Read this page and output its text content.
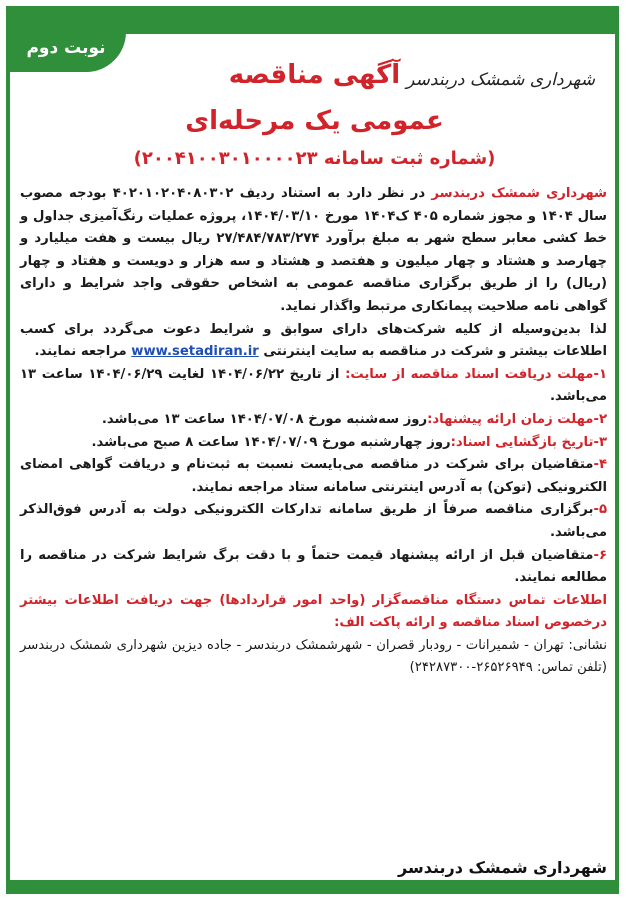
نوبت دوم
شهرداری شمشک دربندسر
آگهی مناقصه
عمومی یک مرحله‌ای
(شماره ثبت سامانه ۲۰۰۴۱۰۰۳۰۱۰۰۰۰۲۳)

شهرداری شمشک دربندسر در نظر دارد به استناد ردیف ۴۰۲۰۱۰۲۰۴۰۸۰۳۰۲ بودجه مصوب سال ۱۴۰۴ و مجوز شماره ۴۰۵ ک۱۴۰۴ مورخ ۱۴۰۴/۰۳/۱۰، پروژه عملیات رنگ‌آمیزی جداول و خط کشی معابر سطح شهر به مبلغ برآورد ۲۷/۴۸۴/۷۸۳/۲۷۴ ریال بیست و هفت میلیارد و چهارصد و هشتاد و چهار میلیون و هفتصد و هشتاد و سه هزار و دویست و هفتاد و چهار (ریال) را از طریق برگزاری مناقصه عمومی به اشخاص حقوقی واجد شرایط و دارای گواهی نامه صلاحیت پیمانکاری مرتبط واگذار نماید.

لذا بدین‌وسیله از کلیه شرکت‌های دارای سوابق و شرایط دعوت می‌گردد برای کسب اطلاعات بیشتر و شرکت در مناقصه به سایت اینترنتی www.setadiran.ir مراجعه نمایند.

۱-مهلت دریافت اسناد مناقصه از سایت: از تاریخ ۱۴۰۴/۰۶/۲۲ لغایت ۱۴۰۴/۰۶/۲۹ ساعت ۱۳ می‌باشد.

۲-مهلت زمان ارائه پیشنهاد:روز سه‌شنبه مورخ ۱۴۰۴/۰۷/۰۸ ساعت ۱۳ می‌باشد.

۳-تاریخ بازگشایی اسناد:روز چهارشنبه مورخ ۱۴۰۴/۰۷/۰۹ ساعت ۸ صبح می‌باشد.

۴-متقاضیان برای شرکت در مناقصه می‌بایست نسبت به ثبت‌نام و دریافت گواهی امضای الکترونیکی (توکن) به آدرس اینترنتی سامانه ستاد مراجعه نمایند.

۵-برگزاری مناقصه صرفاً از طریق سامانه تدارکات الکترونیکی دولت به آدرس فوق‌الذکر می‌باشد.

۶-متقاضیان قبل از ارائه پیشنهاد قیمت حتماً و با دقت برگ شرایط شرکت در مناقصه را مطالعه نمایند.

اطلاعات تماس دستگاه مناقصه‌گزار (واحد امور قراردادها) جهت دریافت اطلاعات بیشتر درخصوص اسناد مناقصه و ارائه پاکت الف:

نشانی: تهران - شمیرانات - رودبار قصران - شهرشمشک دربندسر - جاده دیزین شهرداری شمشک دربندسر (تلفن تماس: ۲۶۵۲۶۹۴۹-۲۴۲۸۷۳۰۰)

شهرداری شمشک دربندسر
